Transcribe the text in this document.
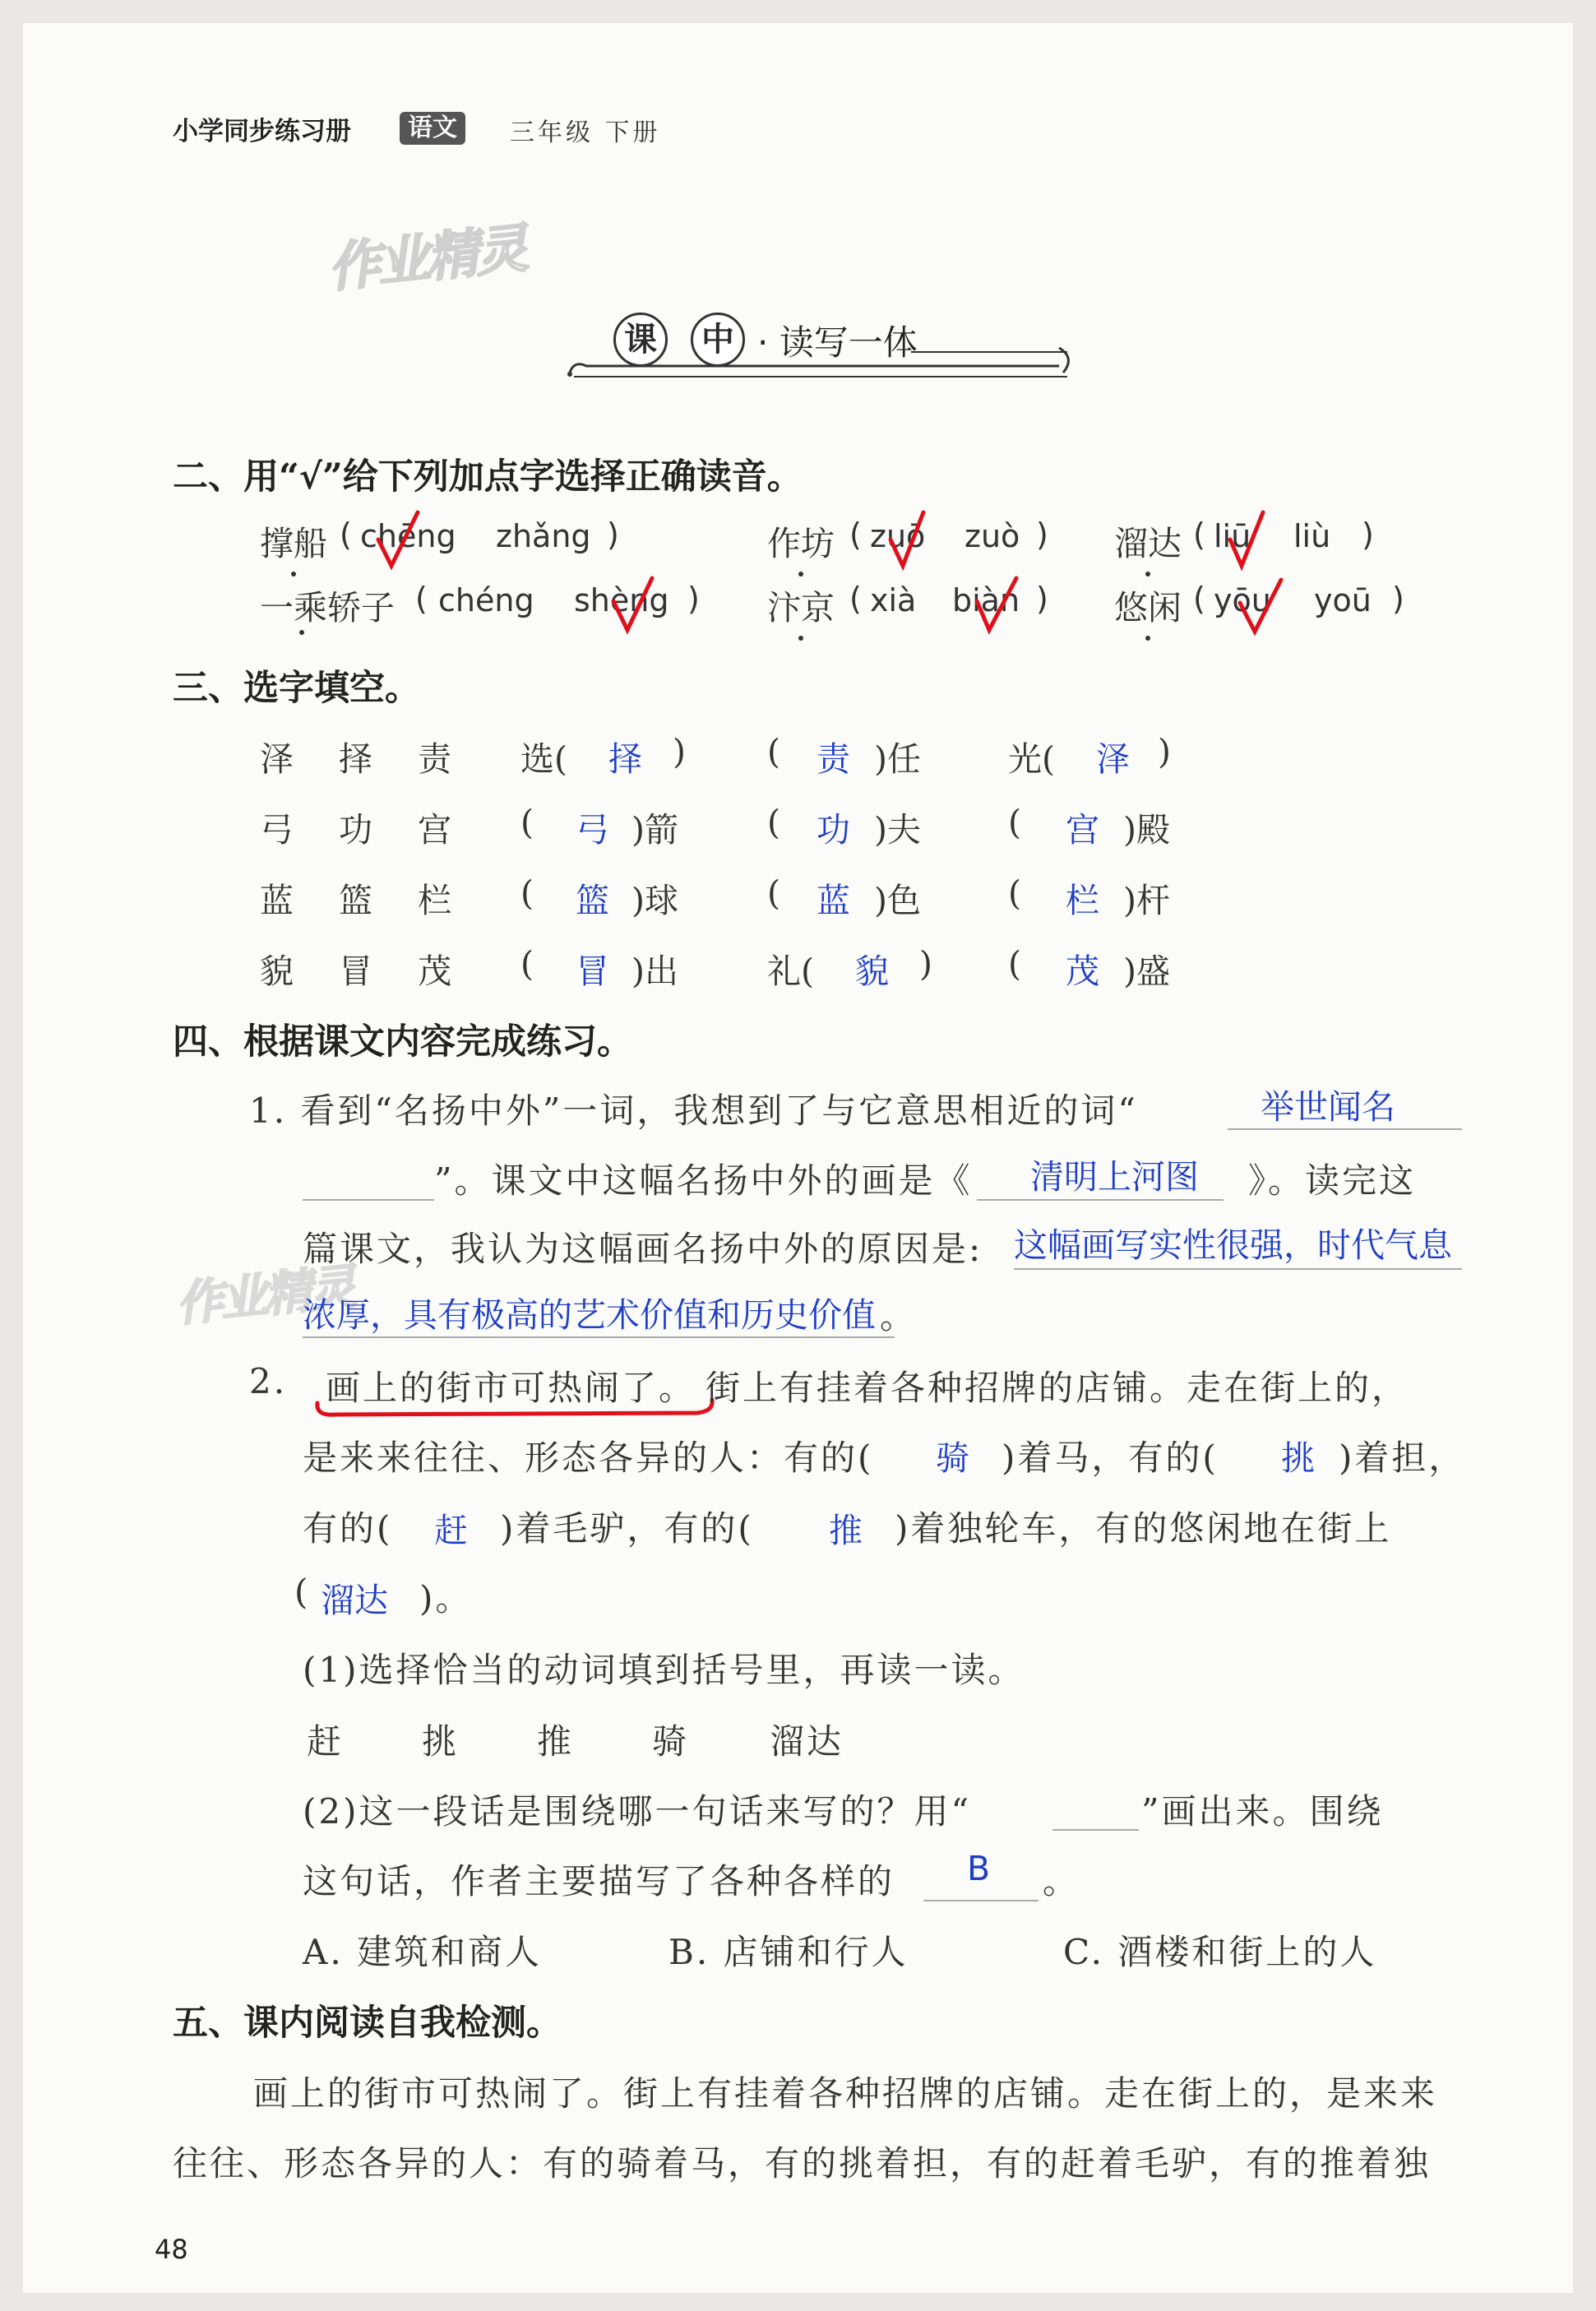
小学同步练习册	语文	三年级 下册
作业精灵
作业精灵
课	中 · 读写一体
二、用“√”给下列加点字选择正确读音。
撑船 ( chēng zhǎng )	作坊 ( zuō zuò ) 溜达 ( liū liù )
一乘轿子 ( chéng shèng ) 汴京 ( xià biàn ) 悠闲 ( yōu yoū )
三、选字填空。
泽 择 责 选( 择 ) ( 责 )任	光( 泽 )
弓 功 宫 ( 弓 )箭	( 功 )夫	( 宫 )殿
蓝 篮 栏 ( 篮 )球	( 蓝 )色	( 栏 )杆
貌 冒 茂 ( 冒 )出	礼( 貌 ) ( 茂 )盛
四、根据课文内容完成练习。
1. 看到“名扬中外”一词，我想到了与它意思相近的词“	举世闻名
”。课文中这幅名扬中外的画是《 清明上河图 》。读完这
篇课文，我认为这幅画名扬中外的原因是: 这幅画写实性很强，时代气息
浓厚，具有极高的艺术价值和历史价值 。
2. 画上的街市可热闹了。 街上有挂着各种招牌的店铺。走在街上的，
是来来往往、形态各异的人：有的( 骑 )着马，有的( 挑 )着担，
有的( 赶 )着毛驴，有的( 推 )着独轮车，有的悠闲地在街上
( 溜达 )。
(1)选择恰当的动词填到括号里，再读一读。
赶 挑 推 骑 溜达
(2)这一段话是围绕哪一句话来写的？用“	”画出来。围绕
这句话，作者主要描写了各种各样的 B 。
A. 建筑和商人	B. 店铺和行人	C. 酒楼和街上的人
五、课内阅读自我检测。
画上的街市可热闹了。街上有挂着各种招牌的店铺。走在街上的，是来来
往往、形态各异的人：有的骑着马，有的挑着担，有的赶着毛驴，有的推着独
48
